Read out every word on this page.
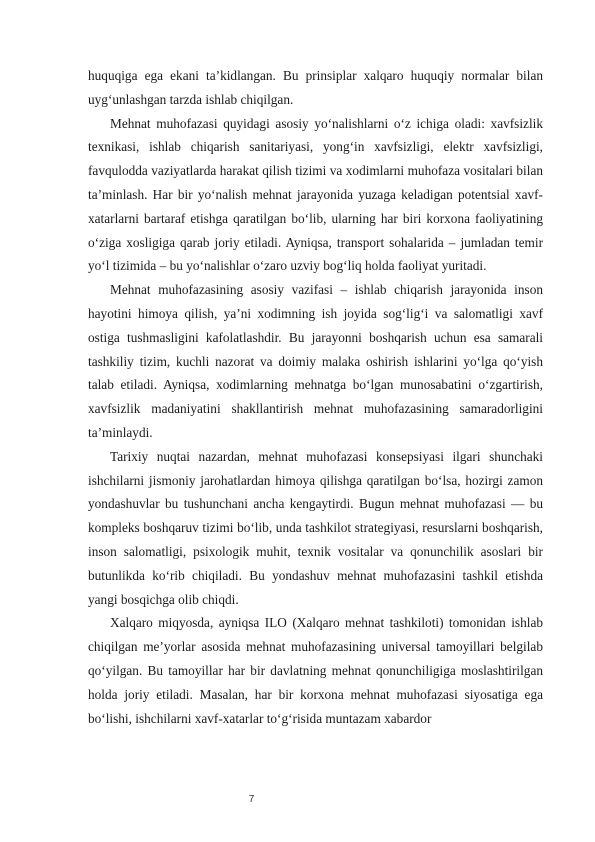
huquqiga ega ekani ta’kidlangan. Bu prinsiplar xalqaro huquqiy normalar bilan uyg‘unlashgan tarzda ishlab chiqilgan.

Mehnat muhofazasi quyidagi asosiy yo‘nalishlarni o‘z ichiga oladi: xavfsizlik texnikasi, ishlab chiqarish sanitariyasi, yong‘in xavfsizligi, elektr xavfsizligi, favqulodda vaziyatlarda harakat qilish tizimi va xodimlarni muhofaza vositalari bilan ta’minlash. Har bir yo‘nalish mehnat jarayonida yuzaga keladigan potentsial xavf-xatarlarni bartaraf etishga qaratilgan bo‘lib, ularning har biri korxona faoliyatining o‘ziga xosligiga qarab joriy etiladi. Ayniqsa, transport sohalarida – jumladan temir yo‘l tizimida – bu yo‘nalishlar o‘zaro uzviy bog‘liq holda faoliyat yuritadi.

Mehnat muhofazasining asosiy vazifasi – ishlab chiqarish jarayonida inson hayotini himoya qilish, ya’ni xodimning ish joyida sog‘lig‘i va salomatligi xavf ostiga tushmasligini kafolatlashdir. Bu jarayonni boshqarish uchun esa samarali tashkiliy tizim, kuchli nazorat va doimiy malaka oshirish ishlarini yo‘lga qo‘yish talab etiladi. Ayniqsa, xodimlarning mehnatga bo‘lgan munosabatini o‘zgartirish, xavfsizlik madaniyatini shakllantirish mehnat muhofazasining samaradorligini ta’minlaydi.

Tarixiy nuqtai nazardan, mehnat muhofazasi konsepsiyasi ilgari shunchaki ishchilarni jismoniy jarohatlardan himoya qilishga qaratilgan bo‘lsa, hozirgi zamon yondashuvlar bu tushunchani ancha kengaytirdi. Bugun mehnat muhofazasi — bu kompleks boshqaruv tizimi bo‘lib, unda tashkilot strategiyasi, resurslarni boshqarish, inson salomatligi, psixologik muhit, texnik vositalar va qonunchilik asoslari bir butunlikda ko‘rib chiqiladi. Bu yondashuv mehnat muhofazasini tashkil etishda yangi bosqichga olib chiqdi.

Xalqaro miqyosda, ayniqsa ILO (Xalqaro mehnat tashkiloti) tomonidan ishlab chiqilgan me’yorlar asosida mehnat muhofazasining universal tamoyillari belgilab qo‘yilgan. Bu tamoyillar har bir davlatning mehnat qonunchiligiga moslashtirilgan holda joriy etiladi. Masalan, har bir korxona mehnat muhofazasi siyosatiga ega bo‘lishi, ishchilarni xavf-xatarlar to‘g‘risida muntazam xabardor

7
